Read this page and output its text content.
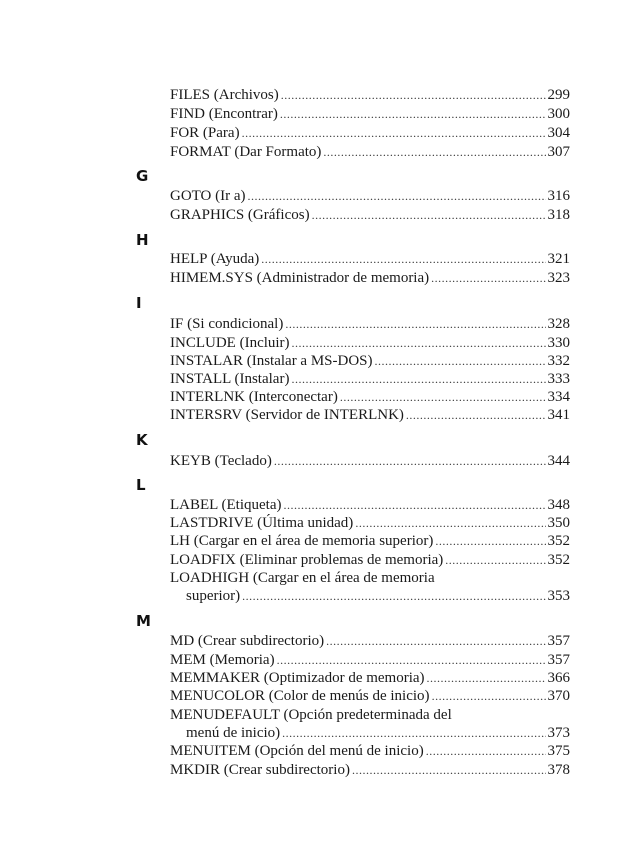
FILES (Archivos) .....	299
FIND (Encontrar) .....	300
FOR (Para) .....	304
FORMAT (Dar Formato) .....	307
G
GOTO (Ir a) .....	316
GRAPHICS (Gráficos) .....	318
H
HELP (Ayuda) .....	321
HIMEM.SYS (Administrador de memoria) .....	323
I
IF (Si condicional) .....	328
INCLUDE (Incluir) .....	330
INSTALAR (Instalar a MS-DOS) .....	332
INSTALL (Instalar) .....	333
INTERLNK (Interconectar) .....	334
INTERSRV (Servidor de INTERLNK) .....	341
K
KEYB (Teclado) .....	344
L
LABEL (Etiqueta) .....	348
LASTDRIVE (Última unidad) .....	350
LH (Cargar en el área de memoria superior) .....	352
LOADFIX (Eliminar problemas de memoria) .....	352
LOADHIGH (Cargar en el área de memoria
superior) .....	353
M
MD (Crear subdirectorio) .....	357
MEM (Memoria) .....	357
MEMMAKER (Optimizador de memoria) .....	366
MENUCOLOR (Color de menús de inicio) .....	370
MENUDEFAULT (Opción predeterminada del
menú de inicio) .....	373
MENUITEM (Opción del menú de inicio) .....	375
MKDIR (Crear subdirectorio) .....	378
